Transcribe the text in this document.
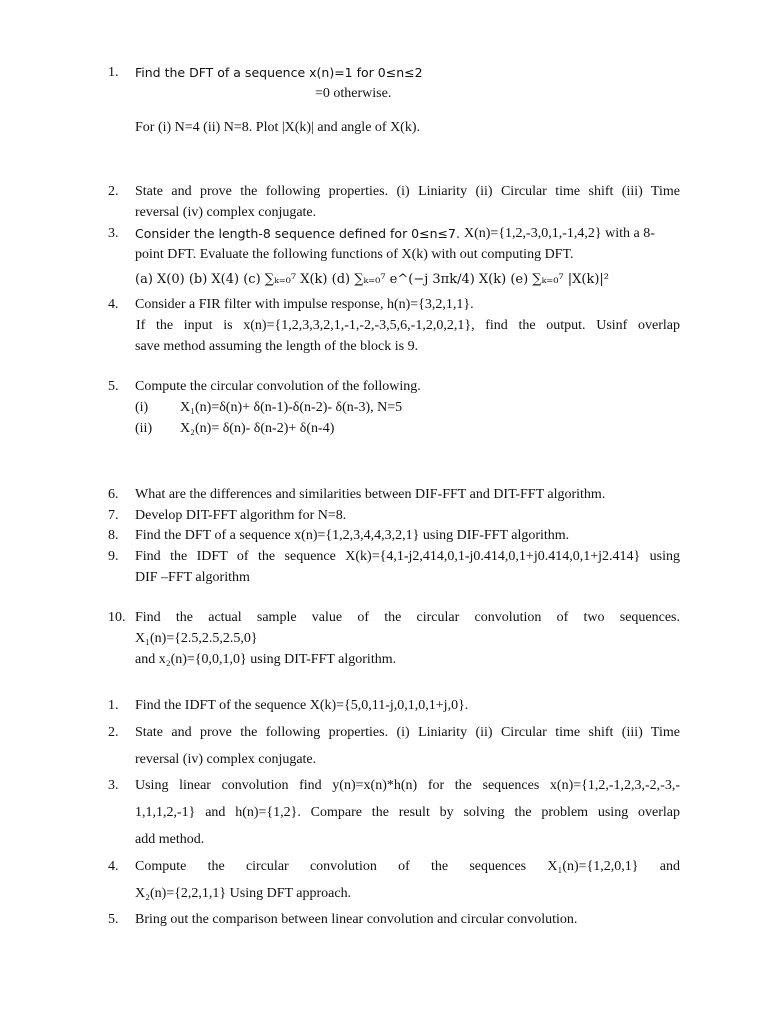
1.	Find the DFT of a sequence x(n)=1 for 0≤n≤2
=0 otherwise.
For (i) N=4 (ii) N=8. Plot |X(k)| and angle of X(k).
2.	State and prove the following properties. (i) Liniarity (ii) Circular time shift (iii) Time
reversal (iv) complex conjugate.
3.	Consider the length-8 sequence defined for 0≤n≤7. X(n)={1,2,-3,0,1,-1,4,2} with a 8-
point DFT. Evaluate the following functions of X(k) with out computing DFT.
(a) X(0) (b) X(4) (c) ∑ₖ₌₀⁷ X(k) (d) ∑ₖ₌₀⁷ e^(−j 3πk/4) X(k) (e) ∑ₖ₌₀⁷ |X(k)|²
4.	Consider a FIR filter with impulse response, h(n)={3,2,1,1}.
If the input is x(n)={1,2,3,3,2,1,-1,-2,-3,5,6,-1,2,0,2,1}, find the output. Usinf overlap
save method assuming the length of the block is 9.
5.	Compute the circular convolution of the following.
(i) X₁(n)=δ(n)+ δ(n-1)-δ(n-2)- δ(n-3), N=5
(ii) X₂(n)= δ(n)- δ(n-2)+ δ(n-4)
6.	What are the differences and similarities between DIF-FFT and DIT-FFT algorithm.
7.	Develop DIT-FFT algorithm for N=8.
8.	Find the DFT of a sequence x(n)={1,2,3,4,4,3,2,1} using DIF-FFT algorithm.
9.	Find the IDFT of the sequence X(k)={4,1-j2,414,0,1-j0.414,0,1+j0.414,0,1+j2.414} using
DIF –FFT algorithm
10. Find the actual sample value of the circular convolution of two sequences.
X₁(n)={2.5,2.5,2.5,0}
and x₂(n)={0,0,1,0} using DIT-FFT algorithm.
1.	Find the IDFT of the sequence X(k)={5,0,11-j,0,1,0,1+j,0}.
2.	State and prove the following properties. (i) Liniarity (ii) Circular time shift (iii) Time
reversal (iv) complex conjugate.
3.	Using linear convolution find y(n)=x(n)*h(n) for the sequences x(n)={1,2,-1,2,3,-2,-3,-
1,1,1,2,-1} and h(n)={1,2}. Compare the result by solving the problem using overlap
add method.
4.	Compute the circular convolution of the sequences X₁(n)={1,2,0,1} and
X₂(n)={2,2,1,1} Using DFT approach.
5.	Bring out the comparison between linear convolution and circular convolution.
